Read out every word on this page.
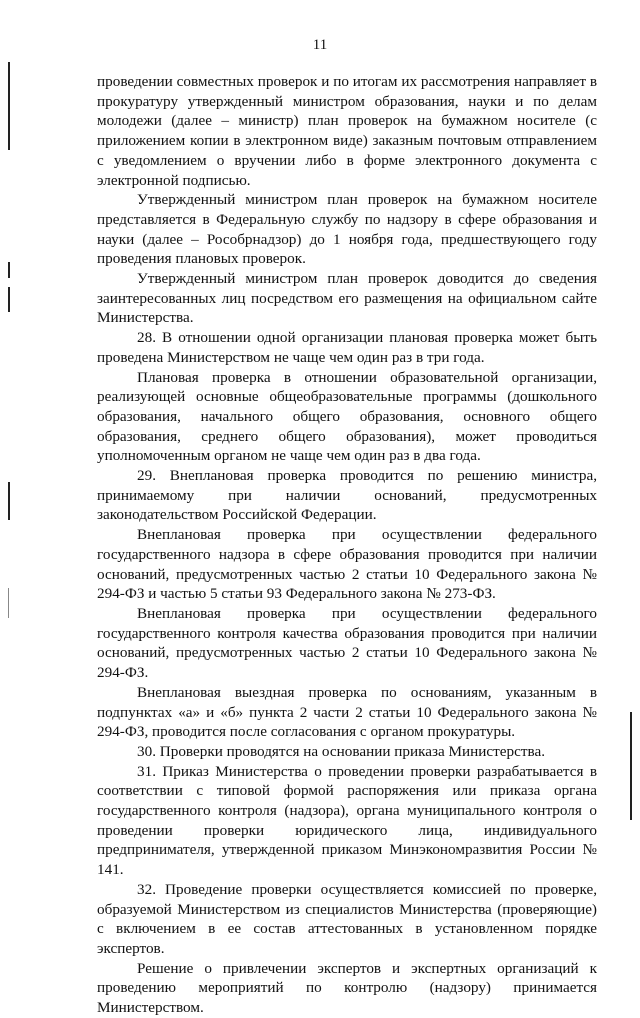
11

проведении совместных проверок и по итогам их рассмотрения направляет в прокуратуру утвержденный министром образования, науки и по делам молодежи (далее – министр) план проверок на бумажном носителе (с приложением копии в электронном виде) заказным почтовым отправлением с уведомлением о вручении либо в форме электронного документа с электронной подписью.

Утвержденный министром план проверок на бумажном носителе представляется в Федеральную службу по надзору в сфере образования и науки (далее – Рособрнадзор) до 1 ноября года, предшествующего году проведения плановых проверок.

Утвержденный министром план проверок доводится до сведения заинтересованных лиц посредством его размещения на официальном сайте Министерства.

28. В отношении одной организации плановая проверка может быть проведена Министерством не чаще чем один раз в три года.

Плановая проверка в отношении образовательной организации, реализующей основные общеобразовательные программы (дошкольного образования, начального общего образования, основного общего образования, среднего общего образования), может проводиться уполномоченным органом не чаще чем один раз в два года.

29. Внеплановая проверка проводится по решению министра, принимаемому при наличии оснований, предусмотренных законодательством Российской Федерации.

Внеплановая проверка при осуществлении федерального государственного надзора в сфере образования проводится при наличии оснований, предусмотренных частью 2 статьи 10 Федерального закона № 294-ФЗ и частью 5 статьи 93 Федерального закона № 273-ФЗ.

Внеплановая проверка при осуществлении федерального государственного контроля качества образования проводится при наличии оснований, предусмотренных частью 2 статьи 10 Федерального закона № 294-ФЗ.

Внеплановая выездная проверка по основаниям, указанным в подпунктах «а» и «б» пункта 2 части 2 статьи 10 Федерального закона № 294-ФЗ, проводится после согласования с органом прокуратуры.

30. Проверки проводятся на основании приказа Министерства.

31. Приказ Министерства о проведении проверки разрабатывается в соответствии с типовой формой распоряжения или приказа органа государственного контроля (надзора), органа муниципального контроля о проведении проверки юридического лица, индивидуального предпринимателя, утвержденной приказом Минэкономразвития России № 141.

32. Проведение проверки осуществляется комиссией по проверке, образуемой Министерством из специалистов Министерства (проверяющие) с включением в ее состав аттестованных в установленном порядке экспертов.

Решение о привлечении экспертов и экспертных организаций к проведению мероприятий по контролю (надзору) принимается Министерством.
